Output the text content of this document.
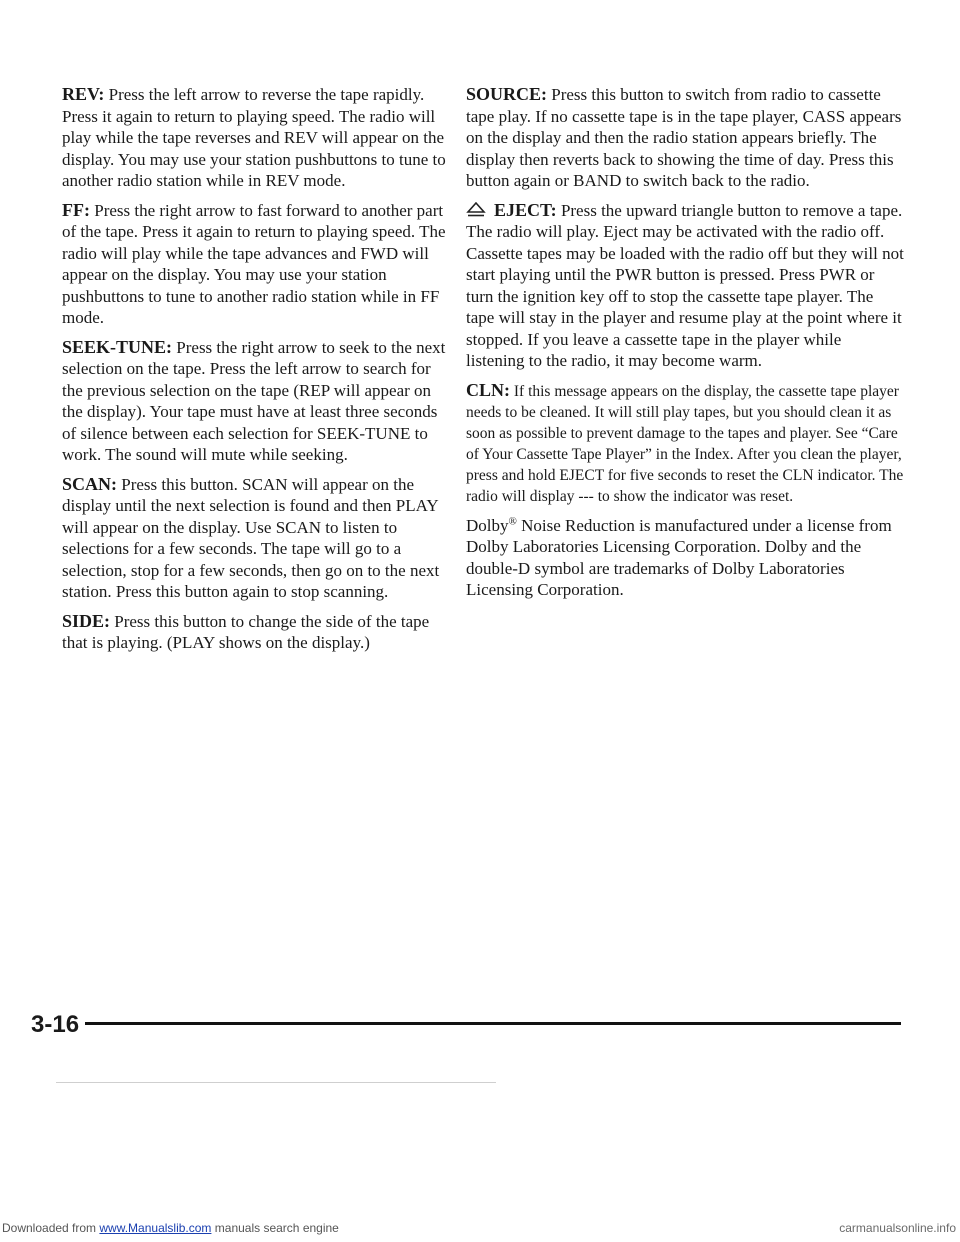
REV: Press the left arrow to reverse the tape rapidly. Press it again to return to playing speed. The radio will play while the tape reverses and REV will appear on the display. You may use your station pushbuttons to tune to another radio station while in REV mode.

FF: Press the right arrow to fast forward to another part of the tape. Press it again to return to playing speed. The radio will play while the tape advances and FWD will appear on the display. You may use your station pushbuttons to tune to another radio station while in FF mode.

SEEK-TUNE: Press the right arrow to seek to the next selection on the tape. Press the left arrow to search for the previous selection on the tape (REP will appear on the display). Your tape must have at least three seconds of silence between each selection for SEEK-TUNE to work. The sound will mute while seeking.

SCAN: Press this button. SCAN will appear on the display until the next selection is found and then PLAY will appear on the display. Use SCAN to listen to selections for a few seconds. The tape will go to a selection, stop for a few seconds, then go on to the next station. Press this button again to stop scanning.

SIDE: Press this button to change the side of the tape that is playing. (PLAY shows on the display.)

SOURCE: Press this button to switch from radio to cassette tape play. If no cassette tape is in the tape player, CASS appears on the display and then the radio station appears briefly. The display then reverts back to showing the time of day. Press this button again or BAND to switch back to the radio.

EJECT: Press the upward triangle button to remove a tape. The radio will play. Eject may be activated with the radio off. Cassette tapes may be loaded with the radio off but they will not start playing until the PWR button is pressed. Press PWR or turn the ignition key off to stop the cassette tape player. The tape will stay in the player and resume play at the point where it stopped. If you leave a cassette tape in the player while listening to the radio, it may become warm.

CLN: If this message appears on the display, the cassette tape player needs to be cleaned. It will still play tapes, but you should clean it as soon as possible to prevent damage to the tapes and player. See “Care of Your Cassette Tape Player” in the Index. After you clean the player, press and hold EJECT for five seconds to reset the CLN indicator. The radio will display --- to show the indicator was reset.

Dolby® Noise Reduction is manufactured under a license from Dolby Laboratories Licensing Corporation. Dolby and the double-D symbol are trademarks of Dolby Laboratories Licensing Corporation.

3-16
Downloaded from www.Manualslib.com manuals search engine	carmanualsonline.info
